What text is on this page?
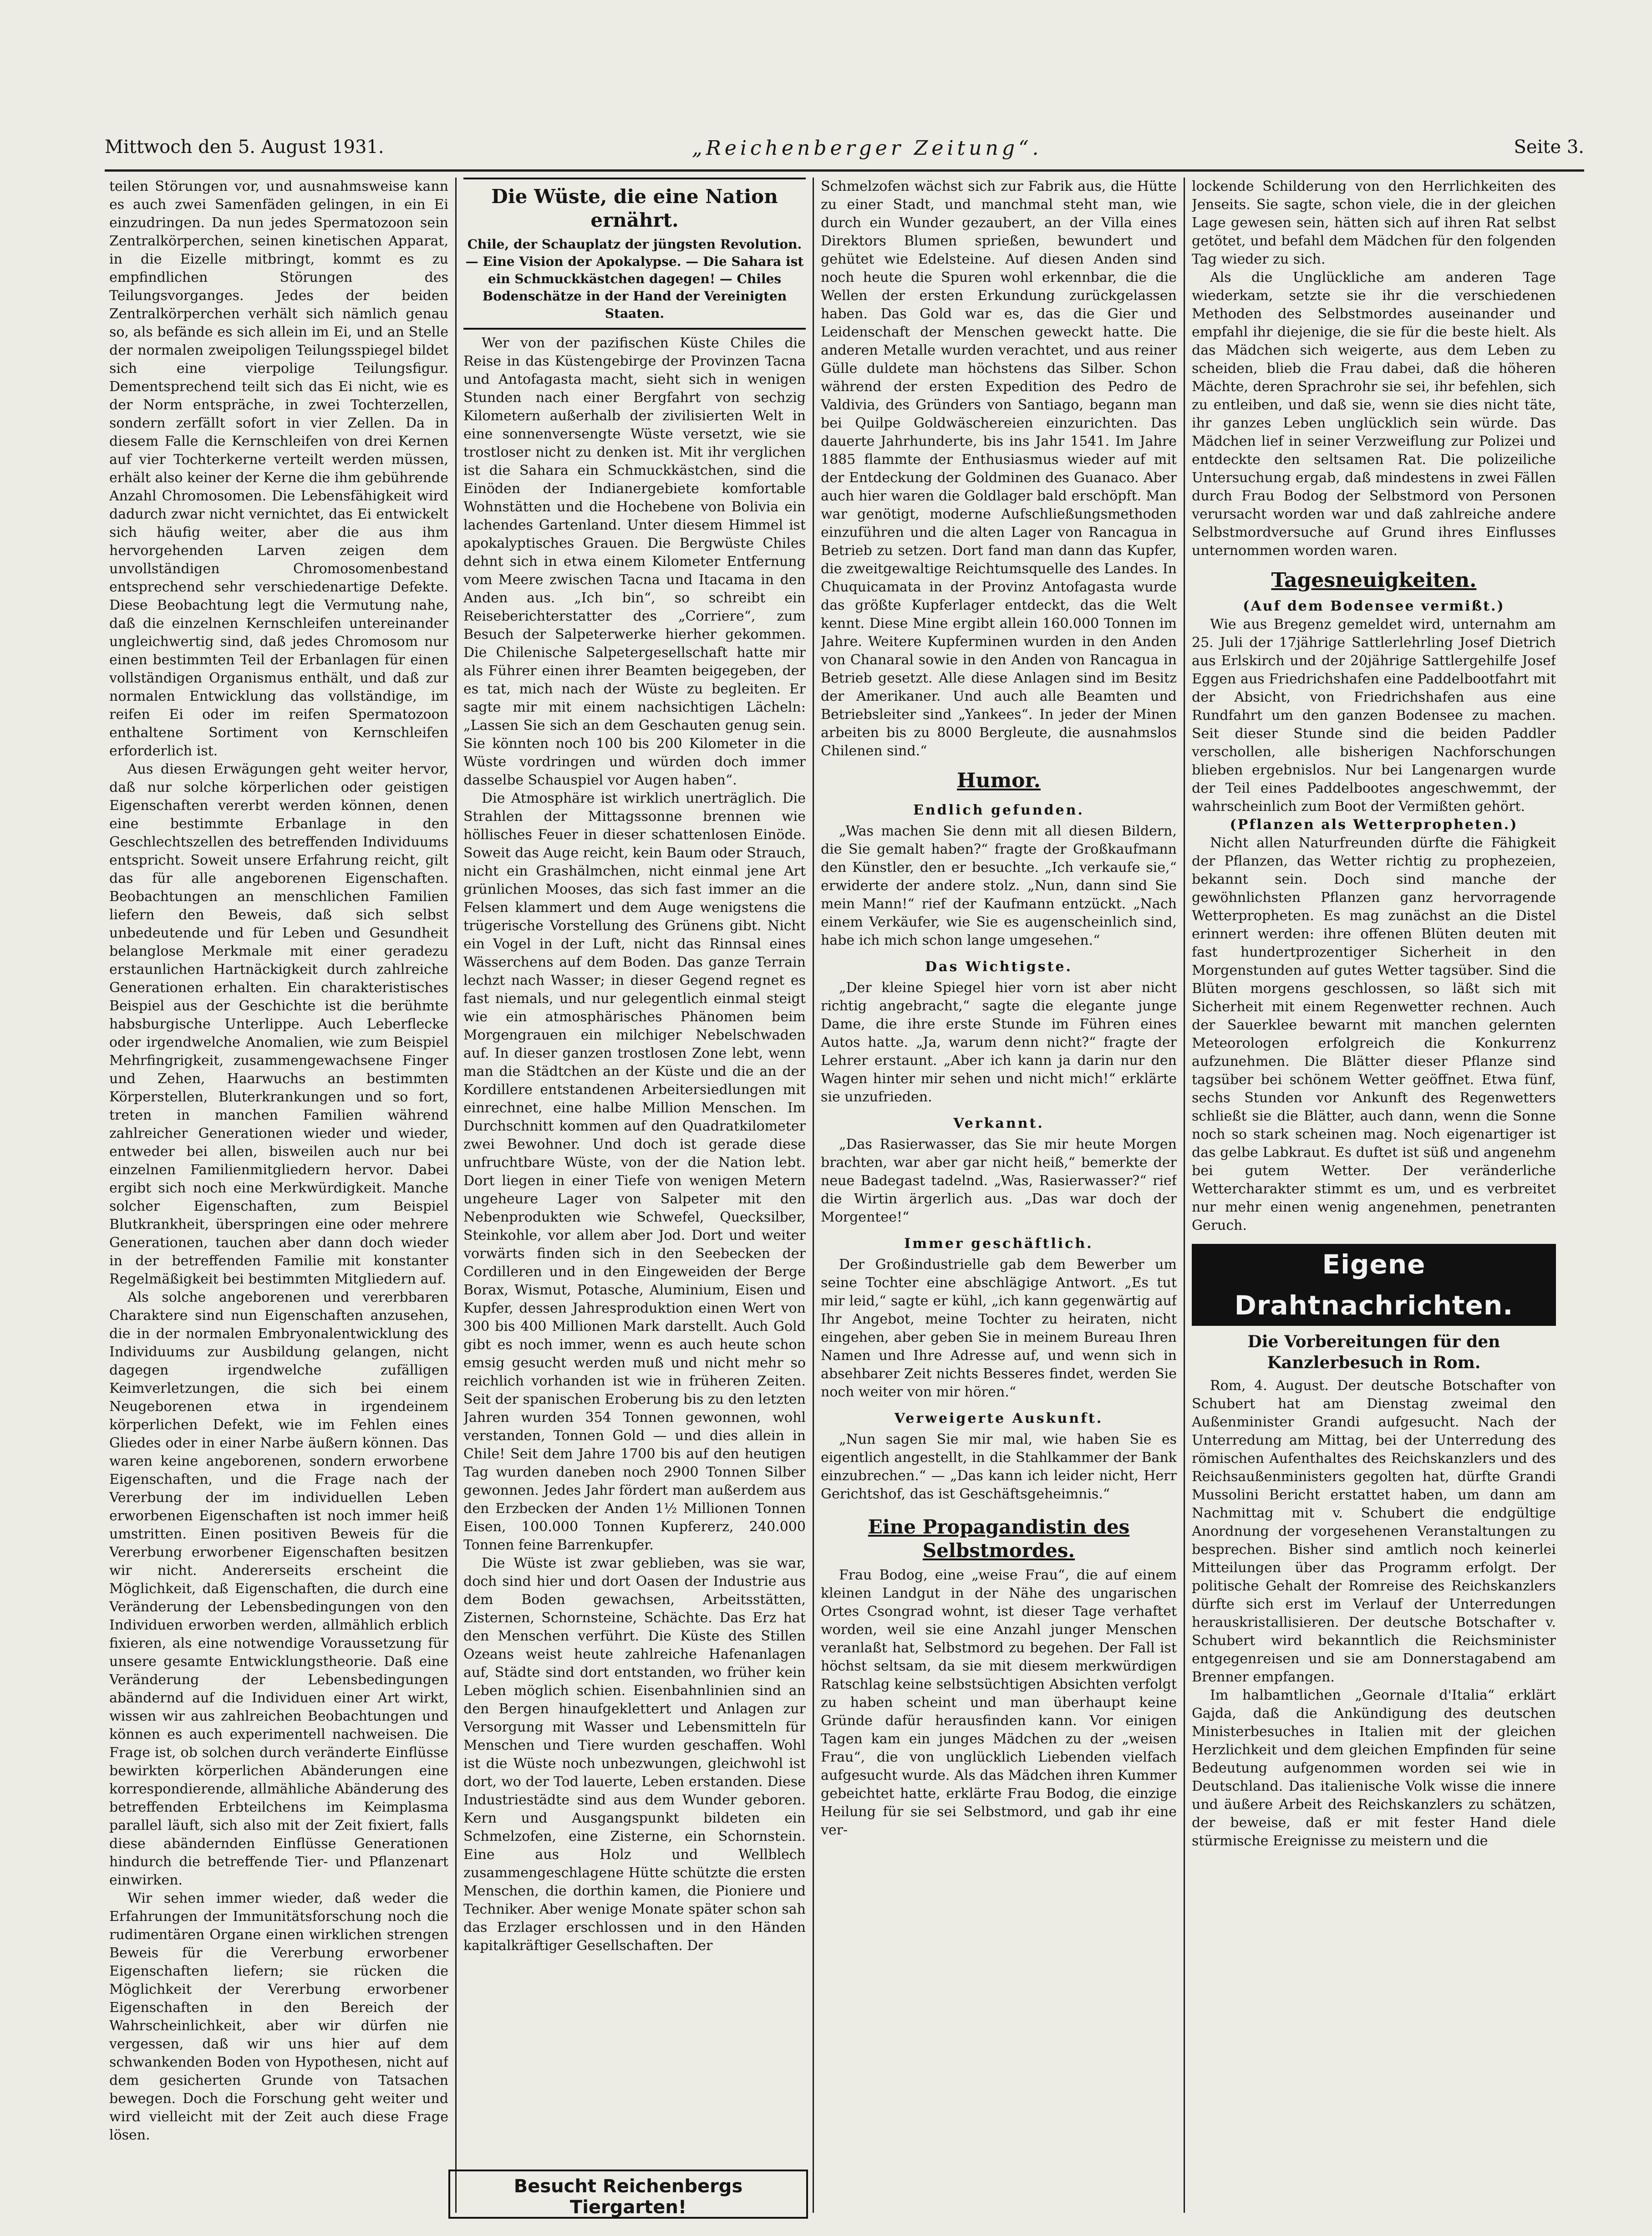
Mittwoch den 5. August 1931.	„Reichenberger Zeitung“.	Seite 3.

teilen Störungen vor, und ausnahmsweise kann es auch zwei Samenfäden gelingen, in ein Ei einzudringen. Da nun jedes Spermatozoon sein Zentralkörperchen, seinen kinetischen Apparat, in die Eizelle mitbringt, kommt es zu empfindlichen Störungen des Teilungsvorganges. Jedes der beiden Zentralkörperchen verhält sich nämlich genau so, als befände es sich allein im Ei, und an Stelle der normalen zweipoligen Teilungsspiegel bildet sich eine vierpolige Teilungsfigur. Dementsprechend teilt sich das Ei nicht, wie es der Norm entspräche, in zwei Tochterzellen, sondern zerfällt sofort in vier Zellen. Da in diesem Falle die Kernschleifen von drei Kernen auf vier Tochterkerne verteilt werden müssen, erhält also keiner der Kerne die ihm gebührende Anzahl Chromosomen. Die Lebensfähigkeit wird dadurch zwar nicht vernichtet, das Ei entwickelt sich häufig weiter, aber die aus ihm hervorgehenden Larven zeigen dem unvollständigen Chromosomenbestand entsprechend sehr verschiedenartige Defekte. Diese Beobachtung legt die Vermutung nahe, daß die einzelnen Kernschleifen untereinander ungleichwertig sind, daß jedes Chromosom nur einen bestimmten Teil der Erbanlagen für einen vollständigen Organismus enthält, und daß zur normalen Entwicklung das vollständige, im reifen Ei oder im reifen Spermatozoon enthaltene Sortiment von Kernschleifen erforderlich ist.

Aus diesen Erwägungen geht weiter hervor, daß nur solche körperlichen oder geistigen Eigenschaften vererbt werden können, denen eine bestimmte Erbanlage in den Geschlechtszellen des betreffenden Individuums entspricht. Soweit unsere Erfahrung reicht, gilt das für alle angeborenen Eigenschaften. Beobachtungen an menschlichen Familien liefern den Beweis, daß sich selbst unbedeutende und für Leben und Gesundheit belanglose Merkmale mit einer geradezu erstaunlichen Hartnäckigkeit durch zahlreiche Generationen erhalten. Ein charakteristisches Beispiel aus der Geschichte ist die berühmte habsburgische Unterlippe. Auch Leberflecke oder irgendwelche Anomalien, wie zum Beispiel Mehrfingrigkeit, zusammengewachsene Finger und Zehen, Haarwuchs an bestimmten Körperstellen, Bluterkrankungen und so fort, treten in manchen Familien während zahlreicher Generationen wieder und wieder, entweder bei allen, bisweilen auch nur bei einzelnen Familienmitgliedern hervor. Dabei ergibt sich noch eine Merkwürdigkeit. Manche solcher Eigenschaften, zum Beispiel Blutkrankheit, überspringen eine oder mehrere Generationen, tauchen aber dann doch wieder in der betreffenden Familie mit konstanter Regelmäßigkeit bei bestimmten Mitgliedern auf.

Als solche angeborenen und vererbbaren Charaktere sind nun Eigenschaften anzusehen, die in der normalen Embryonalentwicklung des Individuums zur Ausbildung gelangen, nicht dagegen irgendwelche zufälligen Keimverletzungen, die sich bei einem Neugeborenen etwa in irgendeinem körperlichen Defekt, wie im Fehlen eines Gliedes oder in einer Narbe äußern können. Das waren keine angeborenen, sondern erworbene Eigenschaften, und die Frage nach der Vererbung der im individuellen Leben erworbenen Eigenschaften ist noch immer heiß umstritten. Einen positiven Beweis für die Vererbung erworbener Eigenschaften besitzen wir nicht. Andererseits erscheint die Möglichkeit, daß Eigenschaften, die durch eine Veränderung der Lebensbedingungen von den Individuen erworben werden, allmählich erblich fixieren, als eine notwendige Voraussetzung für unsere gesamte Entwicklungstheorie. Daß eine Veränderung der Lebensbedingungen abändernd auf die Individuen einer Art wirkt, wissen wir aus zahlreichen Beobachtungen und können es auch experimentell nachweisen. Die Frage ist, ob solchen durch veränderte Einflüsse bewirkten körperlichen Abänderungen eine korrespondierende, allmähliche Abänderung des betreffenden Erbteilchens im Keimplasma parallel läuft, sich also mit der Zeit fixiert, falls diese abändernden Einflüsse Generationen hindurch die betreffende Tier- und Pflanzenart einwirken.

Wir sehen immer wieder, daß weder die Erfahrungen der Immunitätsforschung noch die rudimentären Organe einen wirklichen strengen Beweis für die Vererbung erworbener Eigenschaften liefern; sie rücken die Möglichkeit der Vererbung erworbener Eigenschaften in den Bereich der Wahrscheinlichkeit, aber wir dürfen nie vergessen, daß wir uns hier auf dem schwankenden Boden von Hypothesen, nicht auf dem gesicherten Grunde von Tatsachen bewegen. Doch die Forschung geht weiter und wird vielleicht mit der Zeit auch diese Frage lösen.

Die Wüste, die eine Nation ernährt.
Chile, der Schauplatz der jüngsten Revolution. — Eine Vision der Apokalypse. — Die Sahara ist ein Schmuckkästchen dagegen! — Chiles Bodenschätze in der Hand der Vereinigten Staaten.

Wer von der pazifischen Küste Chiles die Reise in das Küstengebirge der Provinzen Tacna und Antofagasta macht, sieht sich in wenigen Stunden nach einer Bergfahrt von sechzig Kilometern außerhalb der zivilisierten Welt in eine sonnenversengte Wüste versetzt, wie sie trostloser nicht zu denken ist. Mit ihr verglichen ist die Sahara ein Schmuckkästchen, sind die Einöden der Indianergebiete komfortable Wohnstätten und die Hochebene von Bolivia ein lachendes Gartenland. Unter diesem Himmel ist apokalyptisches Grauen. Die Bergwüste Chiles dehnt sich in etwa einem Kilometer Entfernung vom Meere zwischen Tacna und Itacama in den Anden aus. „Ich bin“, so schreibt ein Reiseberichterstatter des „Corriere“, zum Besuch der Salpeterwerke hierher gekommen. Die Chilenische Salpetergesellschaft hatte mir als Führer einen ihrer Beamten beigegeben, der es tat, mich nach der Wüste zu begleiten. Er sagte mir mit einem nachsichtigen Lächeln: „Lassen Sie sich an dem Geschauten genug sein. Sie könnten noch 100 bis 200 Kilometer in die Wüste vordringen und würden doch immer dasselbe Schauspiel vor Augen haben“.

Die Atmosphäre ist wirklich unerträglich. Die Strahlen der Mittagssonne brennen wie höllisches Feuer in dieser schattenlosen Einöde. Soweit das Auge reicht, kein Baum oder Strauch, nicht ein Grashälmchen, nicht einmal jene Art grünlichen Mooses, das sich fast immer an die Felsen klammert und dem Auge wenigstens die trügerische Vorstellung des Grünens gibt. Nicht ein Vogel in der Luft, nicht das Rinnsal eines Wässerchens auf dem Boden. Das ganze Terrain lechzt nach Wasser; in dieser Gegend regnet es fast niemals, und nur gelegentlich einmal steigt wie ein atmosphärisches Phänomen beim Morgengrauen ein milchiger Nebelschwaden auf. In dieser ganzen trostlosen Zone lebt, wenn man die Städtchen an der Küste und die an der Kordillere entstandenen Arbeitersiedlungen mit einrechnet, eine halbe Million Menschen. Im Durchschnitt kommen auf den Quadratkilometer zwei Bewohner. Und doch ist gerade diese unfruchtbare Wüste, von der die Nation lebt. Dort liegen in einer Tiefe von wenigen Metern ungeheure Lager von Salpeter mit den Nebenprodukten wie Schwefel, Quecksilber, Steinkohle, vor allem aber Jod. Dort und weiter vorwärts finden sich in den Seebecken der Cordilleren und in den Eingeweiden der Berge Borax, Wismut, Potasche, Aluminium, Eisen und Kupfer, dessen Jahresproduktion einen Wert von 300 bis 400 Millionen Mark darstellt. Auch Gold gibt es noch immer, wenn es auch heute schon emsig gesucht werden muß und nicht mehr so reichlich vorhanden ist wie in früheren Zeiten. Seit der spanischen Eroberung bis zu den letzten Jahren wurden 354 Tonnen gewonnen, wohl verstanden, Tonnen Gold — und dies allein in Chile! Seit dem Jahre 1700 bis auf den heutigen Tag wurden daneben noch 2900 Tonnen Silber gewonnen. Jedes Jahr fördert man außerdem aus den Erzbecken der Anden 1½ Millionen Tonnen Eisen, 100.000 Tonnen Kupfererz, 240.000 Tonnen feine Barrenkupfer.

Die Wüste ist zwar geblieben, was sie war, doch sind hier und dort Oasen der Industrie aus dem Boden gewachsen, Arbeitsstätten, Zisternen, Schornsteine, Schächte. Das Erz hat den Menschen verführt. Die Küste des Stillen Ozeans weist heute zahlreiche Hafenanlagen auf, Städte sind dort entstanden, wo früher kein Leben möglich schien. Eisenbahnlinien sind an den Bergen hinaufgeklettert und Anlagen zur Versorgung mit Wasser und Lebensmitteln für Menschen und Tiere wurden geschaffen. Wohl ist die Wüste noch unbezwungen, gleichwohl ist dort, wo der Tod lauerte, Leben erstanden. Diese Industriestädte sind aus dem Wunder geboren. Kern und Ausgangspunkt bildeten ein Schmelzofen, eine Zisterne, ein Schornstein. Eine aus Holz und Wellblech zusammengeschlagene Hütte schützte die ersten Menschen, die dorthin kamen, die Pioniere und Techniker. Aber wenige Monate später schon sah das Erzlager erschlossen und in den Händen kapitalkräftiger Gesellschaften. Der

Besucht Reichenbergs Tiergarten!

Schmelzofen wächst sich zur Fabrik aus, die Hütte zu einer Stadt, und manchmal steht man, wie durch ein Wunder gezaubert, an der Villa eines Direktors Blumen sprießen, bewundert und gehütet wie Edelsteine. Auf diesen Anden sind noch heute die Spuren wohl erkennbar, die die Wellen der ersten Erkundung zurückgelassen haben. Das Gold war es, das die Gier und Leidenschaft der Menschen geweckt hatte. Die anderen Metalle wurden verachtet, und aus reiner Gülle duldete man höchstens das Silber. Schon während der ersten Expedition des Pedro de Valdivia, des Gründers von Santiago, begann man bei Quilpe Goldwäschereien einzurichten. Das dauerte Jahrhunderte, bis ins Jahr 1541. Im Jahre 1885 flammte der Enthusiasmus wieder auf mit der Entdeckung der Goldminen des Guanaco. Aber auch hier waren die Goldlager bald erschöpft. Man war genötigt, moderne Aufschließungsmethoden einzuführen und die alten Lager von Rancagua in Betrieb zu setzen. Dort fand man dann das Kupfer, die zweitgewaltige Reichtumsquelle des Landes. In Chuquicamata in der Provinz Antofagasta wurde das größte Kupferlager entdeckt, das die Welt kennt. Diese Mine ergibt allein 160.000 Tonnen im Jahre. Weitere Kupferminen wurden in den Anden von Chanaral sowie in den Anden von Rancagua in Betrieb gesetzt. Alle diese Anlagen sind im Besitz der Amerikaner. Und auch alle Beamten und Betriebsleiter sind „Yankees“. In jeder der Minen arbeiten bis zu 8000 Bergleute, die ausnahmslos Chilenen sind.“

Humor.
Endlich gefunden.

„Was machen Sie denn mit all diesen Bildern, die Sie gemalt haben?“ fragte der Großkaufmann den Künstler, den er besuchte. „Ich verkaufe sie,“ erwiderte der andere stolz. „Nun, dann sind Sie mein Mann!“ rief der Kaufmann entzückt. „Nach einem Verkäufer, wie Sie es augenscheinlich sind, habe ich mich schon lange umgesehen.“

Das Wichtigste.

„Der kleine Spiegel hier vorn ist aber nicht richtig angebracht,“ sagte die elegante junge Dame, die ihre erste Stunde im Führen eines Autos hatte. „Ja, warum denn nicht?“ fragte der Lehrer erstaunt. „Aber ich kann ja darin nur den Wagen hinter mir sehen und nicht mich!“ erklärte sie unzufrieden.

Verkannt.

„Das Rasierwasser, das Sie mir heute Morgen brachten, war aber gar nicht heiß,“ bemerkte der neue Badegast tadelnd. „Was, Rasierwasser?“ rief die Wirtin ärgerlich aus. „Das war doch der Morgentee!“

Immer geschäftlich.

Der Großindustrielle gab dem Bewerber um seine Tochter eine abschlägige Antwort. „Es tut mir leid,“ sagte er kühl, „ich kann gegenwärtig auf Ihr Angebot, meine Tochter zu heiraten, nicht eingehen, aber geben Sie in meinem Bureau Ihren Namen und Ihre Adresse auf, und wenn sich in absehbarer Zeit nichts Besseres findet, werden Sie noch weiter von mir hören.“

Verweigerte Auskunft.

„Nun sagen Sie mir mal, wie haben Sie es eigentlich angestellt, in die Stahlkammer der Bank einzubrechen.“ — „Das kann ich leider nicht, Herr Gerichtshof, das ist Geschäftsgeheimnis.“

Eine Propagandistin des Selbstmordes.

Frau Bodog, eine „weise Frau“, die auf einem kleinen Landgut in der Nähe des ungarischen Ortes Csongrad wohnt, ist dieser Tage verhaftet worden, weil sie eine Anzahl junger Menschen veranlaßt hat, Selbstmord zu begehen. Der Fall ist höchst seltsam, da sie mit diesem merkwürdigen Ratschlag keine selbstsüchtigen Absichten verfolgt zu haben scheint und man überhaupt keine Gründe dafür herausfinden kann. Vor einigen Tagen kam ein junges Mädchen zu der „weisen Frau“, die von unglücklich Liebenden vielfach aufgesucht wurde. Als das Mädchen ihren Kummer gebeichtet hatte, erklärte Frau Bodog, die einzige Heilung für sie sei Selbstmord, und gab ihr eine ver-

lockende Schilderung von den Herrlichkeiten des Jenseits. Sie sagte, schon viele, die in der gleichen Lage gewesen sein, hätten sich auf ihren Rat selbst getötet, und befahl dem Mädchen für den folgenden Tag wieder zu sich.

Als die Unglückliche am anderen Tage wiederkam, setzte sie ihr die verschiedenen Methoden des Selbstmordes auseinander und empfahl ihr diejenige, die sie für die beste hielt. Als das Mädchen sich weigerte, aus dem Leben zu scheiden, blieb die Frau dabei, daß die höheren Mächte, deren Sprachrohr sie sei, ihr befehlen, sich zu entleiben, und daß sie, wenn sie dies nicht täte, ihr ganzes Leben unglücklich sein würde. Das Mädchen lief in seiner Verzweiflung zur Polizei und entdeckte den seltsamen Rat. Die polizeiliche Untersuchung ergab, daß mindestens in zwei Fällen durch Frau Bodog der Selbstmord von Personen verursacht worden war und daß zahlreiche andere Selbstmordversuche auf Grund ihres Einflusses unternommen worden waren.

Tagesneuigkeiten.

(Auf dem Bodensee vermißt.)

Wie aus Bregenz gemeldet wird, unternahm am 25. Juli der 17jährige Sattlerlehrling Josef Dietrich aus Erlskirch und der 20jährige Sattlergehilfe Josef Eggen aus Friedrichshafen eine Paddelbootfahrt mit der Absicht, von Friedrichshafen aus eine Rundfahrt um den ganzen Bodensee zu machen. Seit dieser Stunde sind die beiden Paddler verschollen, alle bisherigen Nachforschungen blieben ergebnislos. Nur bei Langenargen wurde der Teil eines Paddelbootes angeschwemmt, der wahrscheinlich zum Boot der Vermißten gehört.

(Pflanzen als Wetterpropheten.)

Nicht allen Naturfreunden dürfte die Fähigkeit der Pflanzen, das Wetter richtig zu prophezeien, bekannt sein. Doch sind manche der gewöhnlichsten Pflanzen ganz hervorragende Wetterpropheten. Es mag zunächst an die Distel erinnert werden: ihre offenen Blüten deuten mit fast hundertprozentiger Sicherheit in den Morgenstunden auf gutes Wetter tagsüber. Sind die Blüten morgens geschlossen, so läßt sich mit Sicherheit mit einem Regenwetter rechnen. Auch der Sauerklee bewarnt mit manchen gelernten Meteorologen erfolgreich die Konkurrenz aufzunehmen. Die Blätter dieser Pflanze sind tagsüber bei schönem Wetter geöffnet. Etwa fünf, sechs Stunden vor Ankunft des Regenwetters schließt sie die Blätter, auch dann, wenn die Sonne noch so stark scheinen mag. Noch eigenartiger ist das gelbe Labkraut. Es duftet ist süß und angenehm bei gutem Wetter. Der veränderliche Wettercharakter stimmt es um, und es verbreitet nur mehr einen wenig angenehmen, penetranten Geruch.

Eigene Drahtnachrichten.
Die Vorbereitungen für den Kanzlerbesuch in Rom.

Rom, 4. August. Der deutsche Botschafter von Schubert hat am Dienstag zweimal den Außenminister Grandi aufgesucht. Nach der Unterredung am Mittag, bei der Unterredung des römischen Aufenthaltes des Reichskanzlers und des Reichsaußenministers gegolten hat, dürfte Grandi Mussolini Bericht erstattet haben, um dann am Nachmittag mit v. Schubert die endgültige Anordnung der vorgesehenen Veranstaltungen zu besprechen. Bisher sind amtlich noch keinerlei Mitteilungen über das Programm erfolgt. Der politische Gehalt der Romreise des Reichskanzlers dürfte sich erst im Verlauf der Unterredungen herauskristallisieren. Der deutsche Botschafter v. Schubert wird bekanntlich die Reichsminister entgegenreisen und sie am Donnerstagabend am Brenner empfangen.

Im halbamtlichen „Geornale d'Italia“ erklärt Gajda, daß die Ankündigung des deutschen Ministerbesuches in Italien mit der gleichen Herzlichkeit und dem gleichen Empfinden für seine Bedeutung aufgenommen worden sei wie in Deutschland. Das italienische Volk wisse die innere und äußere Arbeit des Reichskanzlers zu schätzen, der beweise, daß er mit fester Hand diele stürmische Ereignisse zu meistern und die
